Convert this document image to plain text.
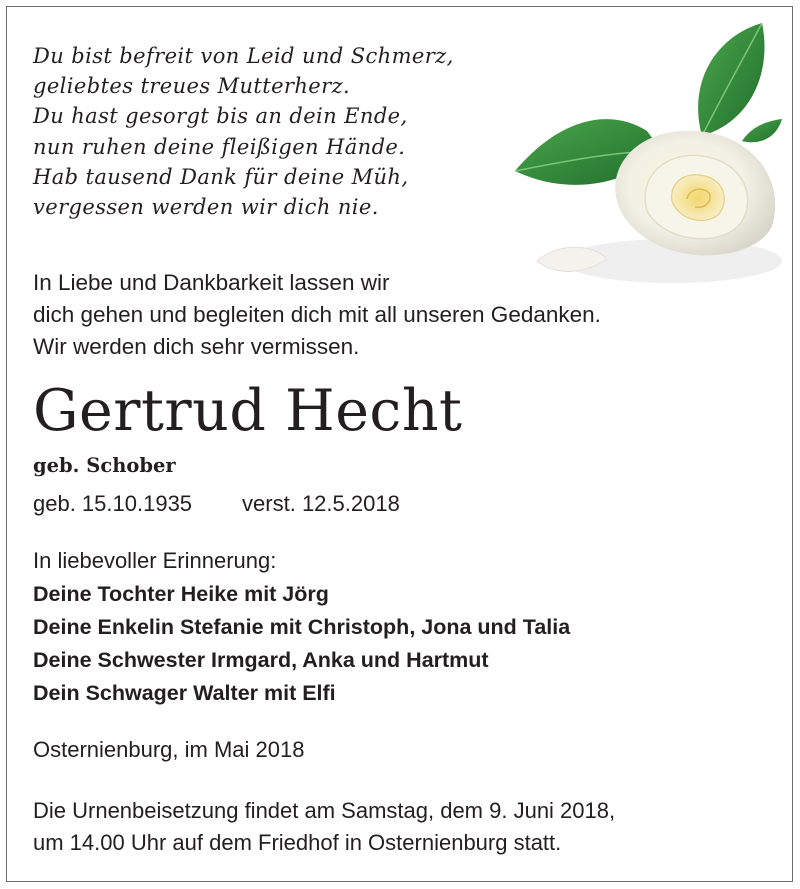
Du bist befreit von Leid und Schmerz,
geliebtes treues Mutterherz.
Du hast gesorgt bis an dein Ende,
nun ruhen deine fleißigen Hände.
Hab tausend Dank für deine Müh,
vergessen werden wir dich nie.
In Liebe und Dankbarkeit lassen wir
dich gehen und begleiten dich mit all unseren Gedanken.
Wir werden dich sehr vermissen.
Gertrud Hecht
geb. Schober
geb. 15.10.1935 verst. 12.5.2018
In liebevoller Erinnerung:
Deine Tochter Heike mit Jörg
Deine Enkelin Stefanie mit Christoph, Jona und Talia
Deine Schwester Irmgard, Anka und Hartmut
Dein Schwager Walter mit Elfi
Osternienburg, im Mai 2018
Die Urnenbeisetzung findet am Samstag, dem 9. Juni 2018,
um 14.00 Uhr auf dem Friedhof in Osternienburg statt.
